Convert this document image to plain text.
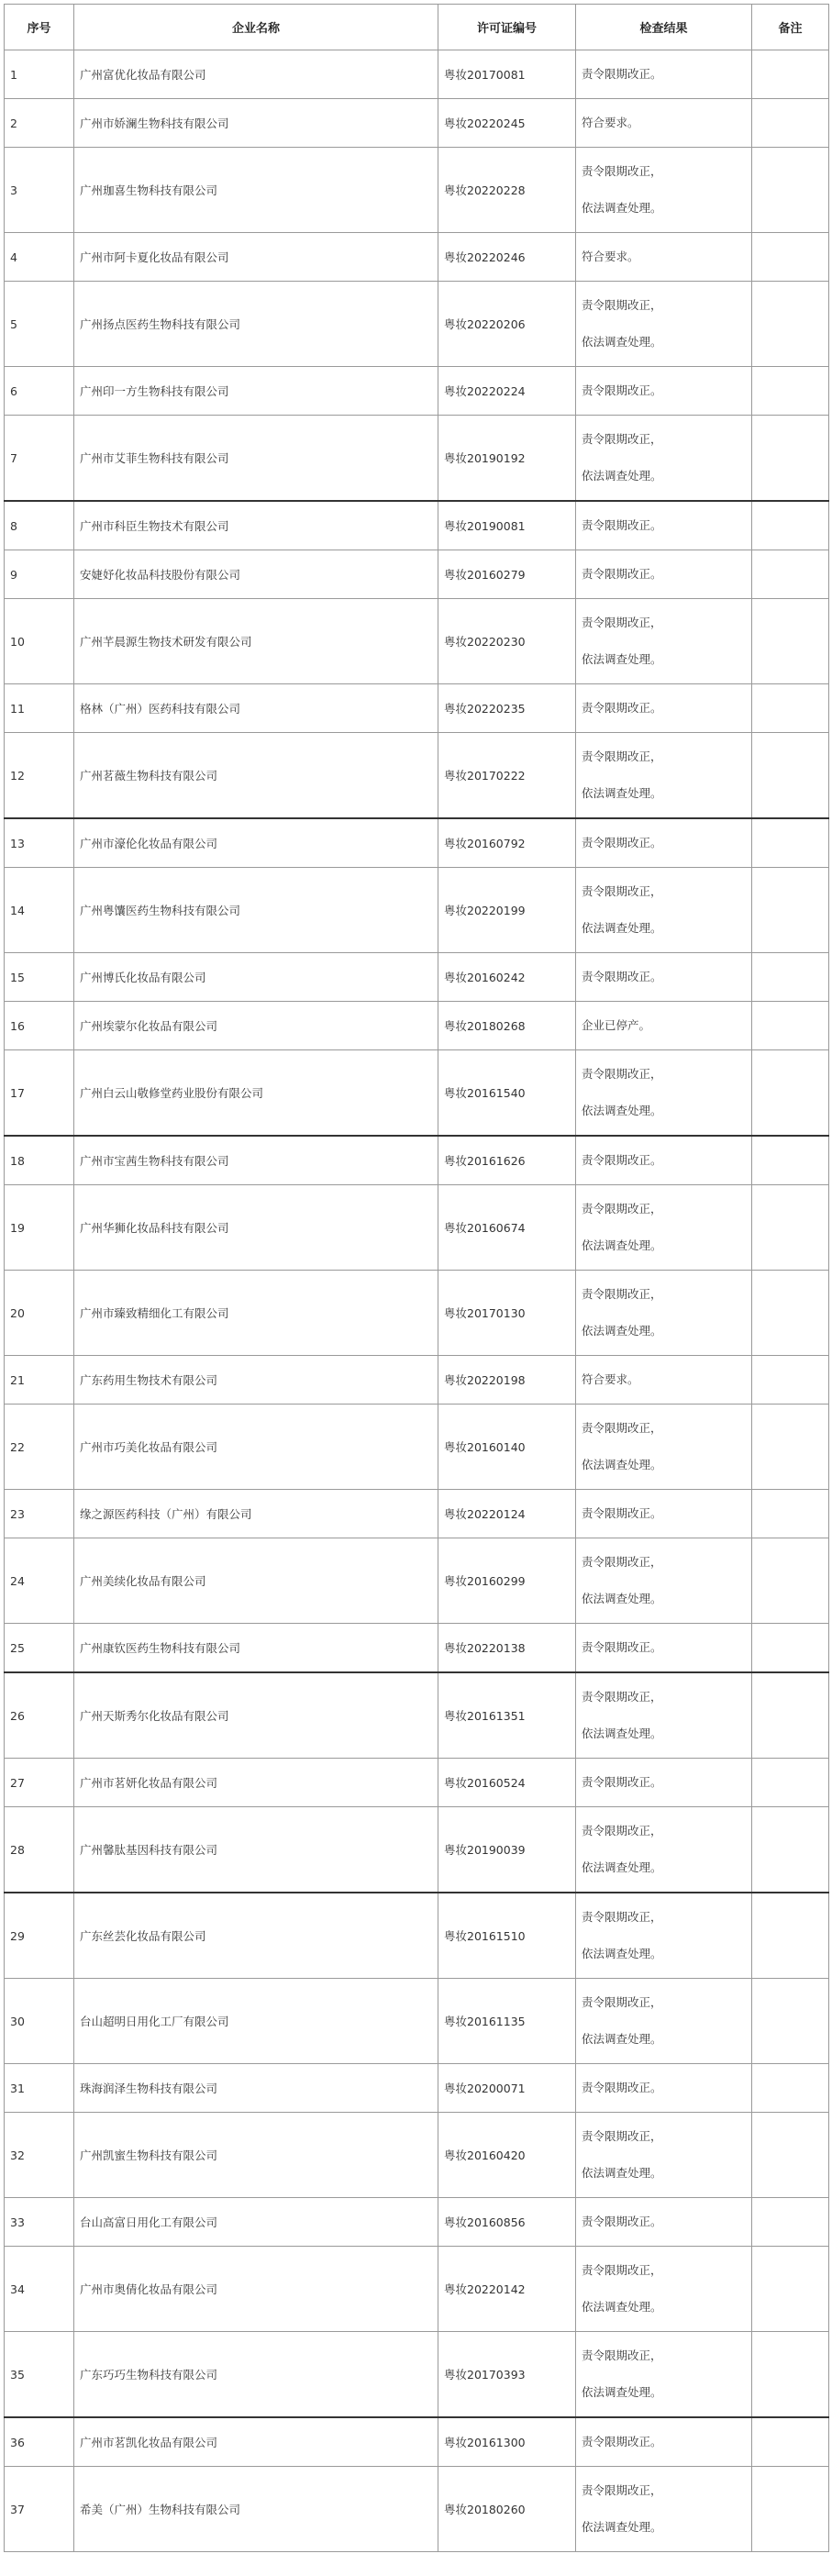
序号	企业名称	许可证编号	检查结果	备注
1	广州富优化妆品有限公司	粤妆20170081	责令限期改正。	

2	广州市娇澜生物科技有限公司	粤妆20220245	符合要求。	

3	广州珈喜生物科技有限公司	粤妆20220228	责令限期改正，
依法调查处理。	

4	广州市阿卡夏化妆品有限公司	粤妆20220246	符合要求。	

5	广州扬点医药生物科技有限公司	粤妆20220206	责令限期改正，
依法调查处理。	

6	广州印一方生物科技有限公司	粤妆20220224	责令限期改正。	

7	广州市艾菲生物科技有限公司	粤妆20190192	责令限期改正，
依法调查处理。	

8	广州市科臣生物技术有限公司	粤妆20190081	责令限期改正。	

9	安婕妤化妆品科技股份有限公司	粤妆20160279	责令限期改正。	

10	广州芊晨源生物技术研发有限公司	粤妆20220230	责令限期改正，
依法调查处理。	

11	格林（广州）医药科技有限公司	粤妆20220235	责令限期改正。	

12	广州茗薇生物科技有限公司	粤妆20170222	责令限期改正，
依法调查处理。	

13	广州市濠伦化妆品有限公司	粤妆20160792	责令限期改正。	

14	广州粤馕医药生物科技有限公司	粤妆20220199	责令限期改正，
依法调查处理。	

15	广州博氏化妆品有限公司	粤妆20160242	责令限期改正。	

16	广州埃蒙尔化妆品有限公司	粤妆20180268	企业已停产。	

17	广州白云山敬修堂药业股份有限公司	粤妆20161540	责令限期改正，
依法调查处理。	

18	广州市宝茜生物科技有限公司	粤妆20161626	责令限期改正。	

19	广州华狮化妆品科技有限公司	粤妆20160674	责令限期改正，
依法调查处理。	

20	广州市臻致精细化工有限公司	粤妆20170130	责令限期改正，
依法调查处理。	

21	广东药用生物技术有限公司	粤妆20220198	符合要求。	

22	广州市巧美化妆品有限公司	粤妆20160140	责令限期改正，
依法调查处理。	

23	缘之源医药科技（广州）有限公司	粤妆20220124	责令限期改正。	

24	广州美续化妆品有限公司	粤妆20160299	责令限期改正，
依法调查处理。	

25	广州康钦医药生物科技有限公司	粤妆20220138	责令限期改正。	

26	广州天斯秀尔化妆品有限公司	粤妆20161351	责令限期改正，
依法调查处理。	

27	广州市茗妍化妆品有限公司	粤妆20160524	责令限期改正。	

28	广州馨肽基因科技有限公司	粤妆20190039	责令限期改正，
依法调查处理。	

29	广东丝芸化妆品有限公司	粤妆20161510	责令限期改正，
依法调查处理。	

30	台山超明日用化工厂有限公司	粤妆20161135	责令限期改正，
依法调查处理。	

31	珠海润泽生物科技有限公司	粤妆20200071	责令限期改正。	

32	广州凯蜜生物科技有限公司	粤妆20160420	责令限期改正，
依法调查处理。	

33	台山高富日用化工有限公司	粤妆20160856	责令限期改正。	

34	广州市奥倩化妆品有限公司	粤妆20220142	责令限期改正，
依法调查处理。	

35	广东巧巧生物科技有限公司	粤妆20170393	责令限期改正，
依法调查处理。	

36	广州市茗凯化妆品有限公司	粤妆20161300	责令限期改正。	

37	希美（广州）生物科技有限公司	粤妆20180260	责令限期改正，
依法调查处理。	
